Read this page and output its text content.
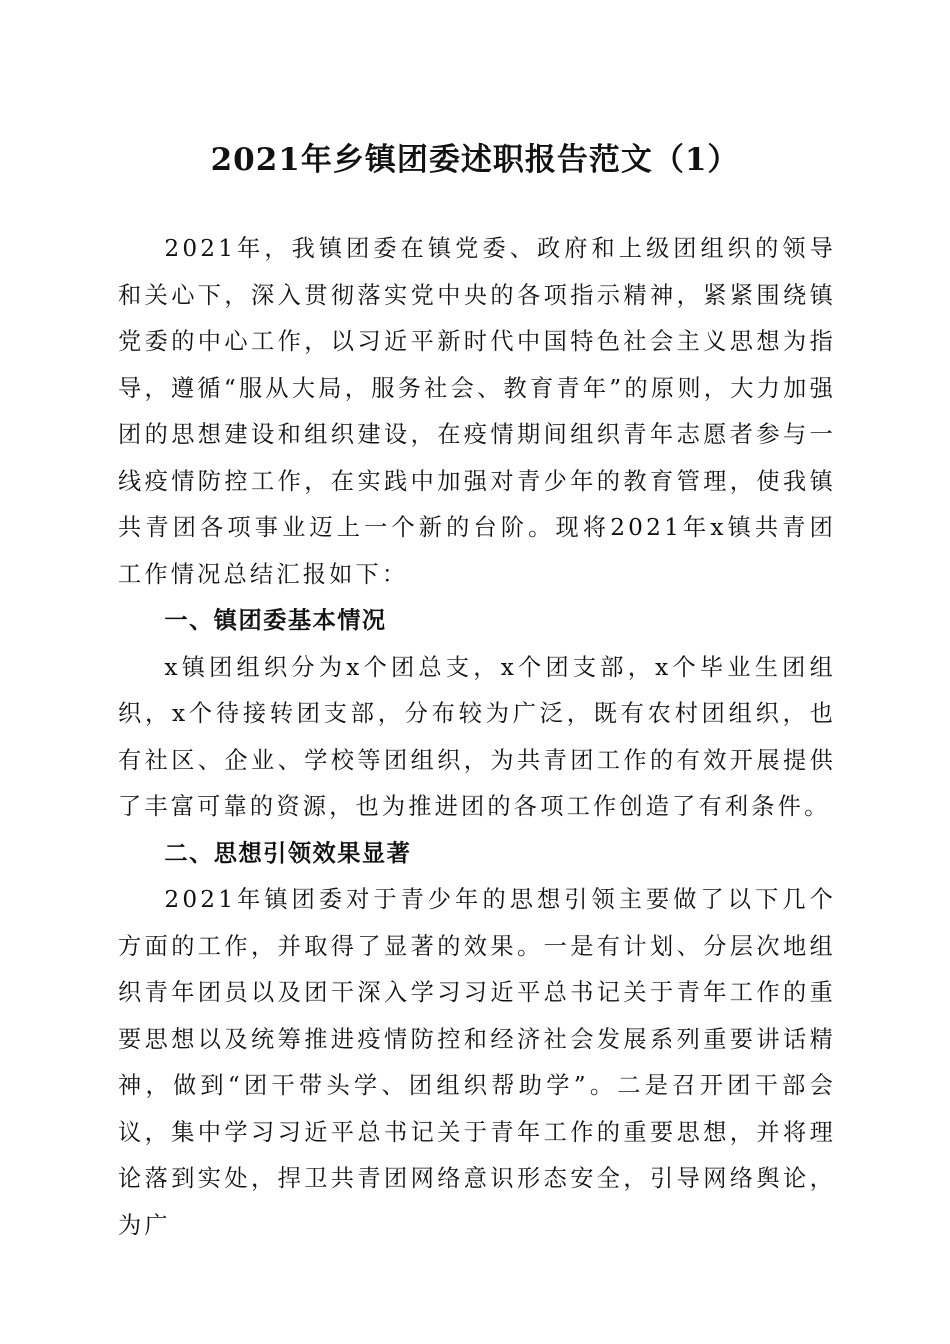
2021年乡镇团委述职报告范文（1）

2021年，我镇团委在镇党委、政府和上级团组织的领导和关心下，深入贯彻落实党中央的各项指示精神，紧紧围绕镇党委的中心工作，以习近平新时代中国特色社会主义思想为指导，遵循“服从大局，服务社会、教育青年”的原则，大力加强团的思想建设和组织建设，在疫情期间组织青年志愿者参与一线疫情防控工作，在实践中加强对青少年的教育管理，使我镇共青团各项事业迈上一个新的台阶。现将2021年x镇共青团工作情况总结汇报如下：

一、镇团委基本情况

x镇团组织分为x个团总支，x个团支部，x个毕业生团组织，x个待接转团支部，分布较为广泛，既有农村团组织，也有社区、企业、学校等团组织，为共青团工作的有效开展提供了丰富可靠的资源，也为推进团的各项工作创造了有利条件。

二、思想引领效果显著

2021年镇团委对于青少年的思想引领主要做了以下几个方面的工作，并取得了显著的效果。一是有计划、分层次地组织青年团员以及团干深入学习习近平总书记关于青年工作的重要思想以及统筹推进疫情防控和经济社会发展系列重要讲话精神，做到“团干带头学、团组织帮助学”。二是召开团干部会议，集中学习习近平总书记关于青年工作的重要思想，并将理论落到实处，捍卫共青团网络意识形态安全，引导网络舆论，为广
